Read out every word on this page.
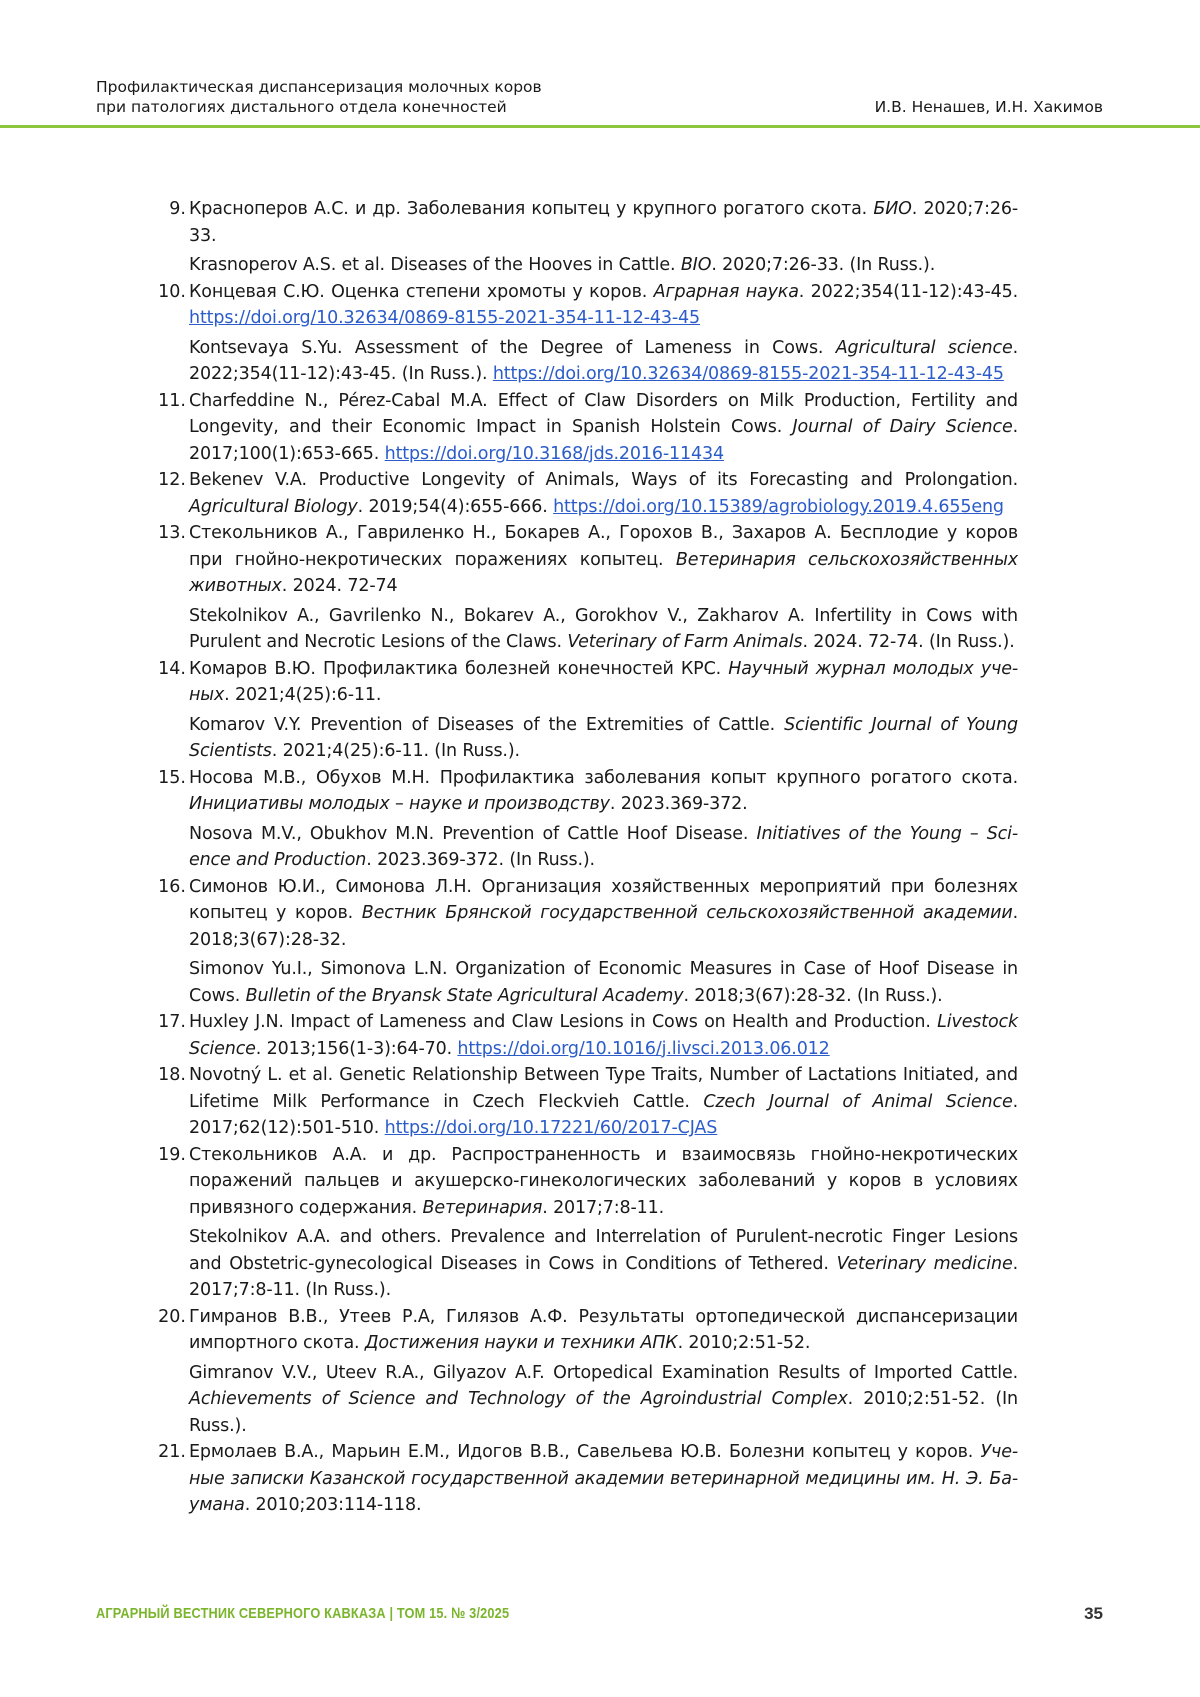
Профилактическая диспансеризация молочных коров
при патологиях дистального отдела конечностей	И.В. Ненашев, И.Н. Хакимов
9. Красноперов А.С. и др. Заболевания копытец у крупного рогатого скота. БИО. 2020;7:26-33.

Krasnoperov A.S. et al. Diseases of the Hooves in Cattle. BIO. 2020;7:26-33. (In Russ.).

10. Концевая С.Ю. Оценка степени хромоты у коров. Аграрная наука. 2022;354(11-12):43-45. https://doi.org/10.32634/0869-8155-2021-354-11-12-43-45

Kontsevaya S.Yu. Assessment of the Degree of Lameness in Cows. Agricultural science. 2022;354(11-12):43-45. (In Russ.). https://doi.org/10.32634/0869-8155-2021-354-11-12-43-45

11. Charfeddine N., Pérez-Cabal M.A. Effect of Claw Disorders on Milk Production, Fertility and Longevity, and their Economic Impact in Spanish Holstein Cows. Journal of Dairy Science. 2017;100(1):653-665. https://doi.org/10.3168/jds.2016-11434

12. Bekenev V.A. Productive Longevity of Animals, Ways of its Forecasting and Prolongation. Agricultural Biology. 2019;54(4):655-666. https://doi.org/10.15389/agrobiology.2019.4.655eng

13. Стекольников А., Гавриленко Н., Бокарев А., Горохов В., Захаров А. Бесплодие у коров при гнойно-некротических поражениях копытец. Ветеринария сельскохозяйственных животных. 2024. 72-74

Stekolnikov A., Gavrilenko N., Bokarev A., Gorokhov V., Zakharov A. Infertility in Cows with Purulent and Necrotic Lesions of the Claws. Veterinary of Farm Animals. 2024. 72-74. (In Russ.).

14. Комаров В.Ю. Профилактика болезней конечностей КРС. Научный журнал молодых уче-ных. 2021;4(25):6-11.

Komarov V.Y. Prevention of Diseases of the Extremities of Cattle. Scientific Journal of Young Scientists. 2021;4(25):6-11. (In Russ.).

15. Носова М.В., Обухов М.Н. Профилактика заболевания копыт крупного рогатого скота. Инициативы молодых – науке и производству. 2023.369-372.

Nosova M.V., Obukhov M.N. Prevention of Cattle Hoof Disease. Initiatives of the Young – Sci-ence and Production. 2023.369-372. (In Russ.).

16. Симонов Ю.И., Симонова Л.Н. Организация хозяйственных мероприятий при болезнях копытец у коров. Вестник Брянской государственной сельскохозяйственной академии. 2018;3(67):28-32.

Simonov Yu.I., Simonova L.N. Organization of Economic Measures in Case of Hoof Disease in Cows. Bulletin of the Bryansk State Agricultural Academy. 2018;3(67):28-32. (In Russ.).

17. Huxley J.N. Impact of Lameness and Claw Lesions in Cows on Health and Production. Livestock Science. 2013;156(1-3):64-70. https://doi.org/10.1016/j.livsci.2013.06.012

18. Novotný L. et al. Genetic Relationship Between Type Traits, Number of Lactations Initiated, and Lifetime Milk Performance in Czech Fleckvieh Cattle. Czech Journal of Animal Science. 2017;62(12):501-510. https://doi.org/10.17221/60/2017-CJAS

19. Стекольников А.А. и др. Распространенность и взаимосвязь гнойно-некротических поражений пальцев и акушерско-гинекологических заболеваний у коров в условиях привязного содержания. Ветеринария. 2017;7:8-11.

Stekolnikov A.A. and others. Prevalence and Interrelation of Purulent-necrotic Finger Lesions and Obstetric-gynecological Diseases in Cows in Conditions of Tethered. Veterinary medicine. 2017;7:8-11. (In Russ.).

20. Гимранов В.В., Утеев Р.А, Гилязов А.Ф. Результаты ортопедической диспансеризации импортного скота. Достижения науки и техники АПК. 2010;2:51-52.

Gimranov V.V., Uteev R.A., Gilyazov A.F. Ortopedical Examination Results of Imported Cattle. Achievements of Science and Technology of the Agroindustrial Complex. 2010;2:51-52. (In Russ.).

21. Ермолаев В.А., Марьин Е.М., Идогов В.В., Савельева Ю.В. Болезни копытец у коров. Уче-ные записки Казанской государственной академии ветеринарной медицины им. Н. Э. Ба-умана. 2010;203:114-118.

АГРАРНЫЙ ВЕСТНИК СЕВЕРНОГО КАВКАЗА | ТОМ 15. № 3/2025	35
